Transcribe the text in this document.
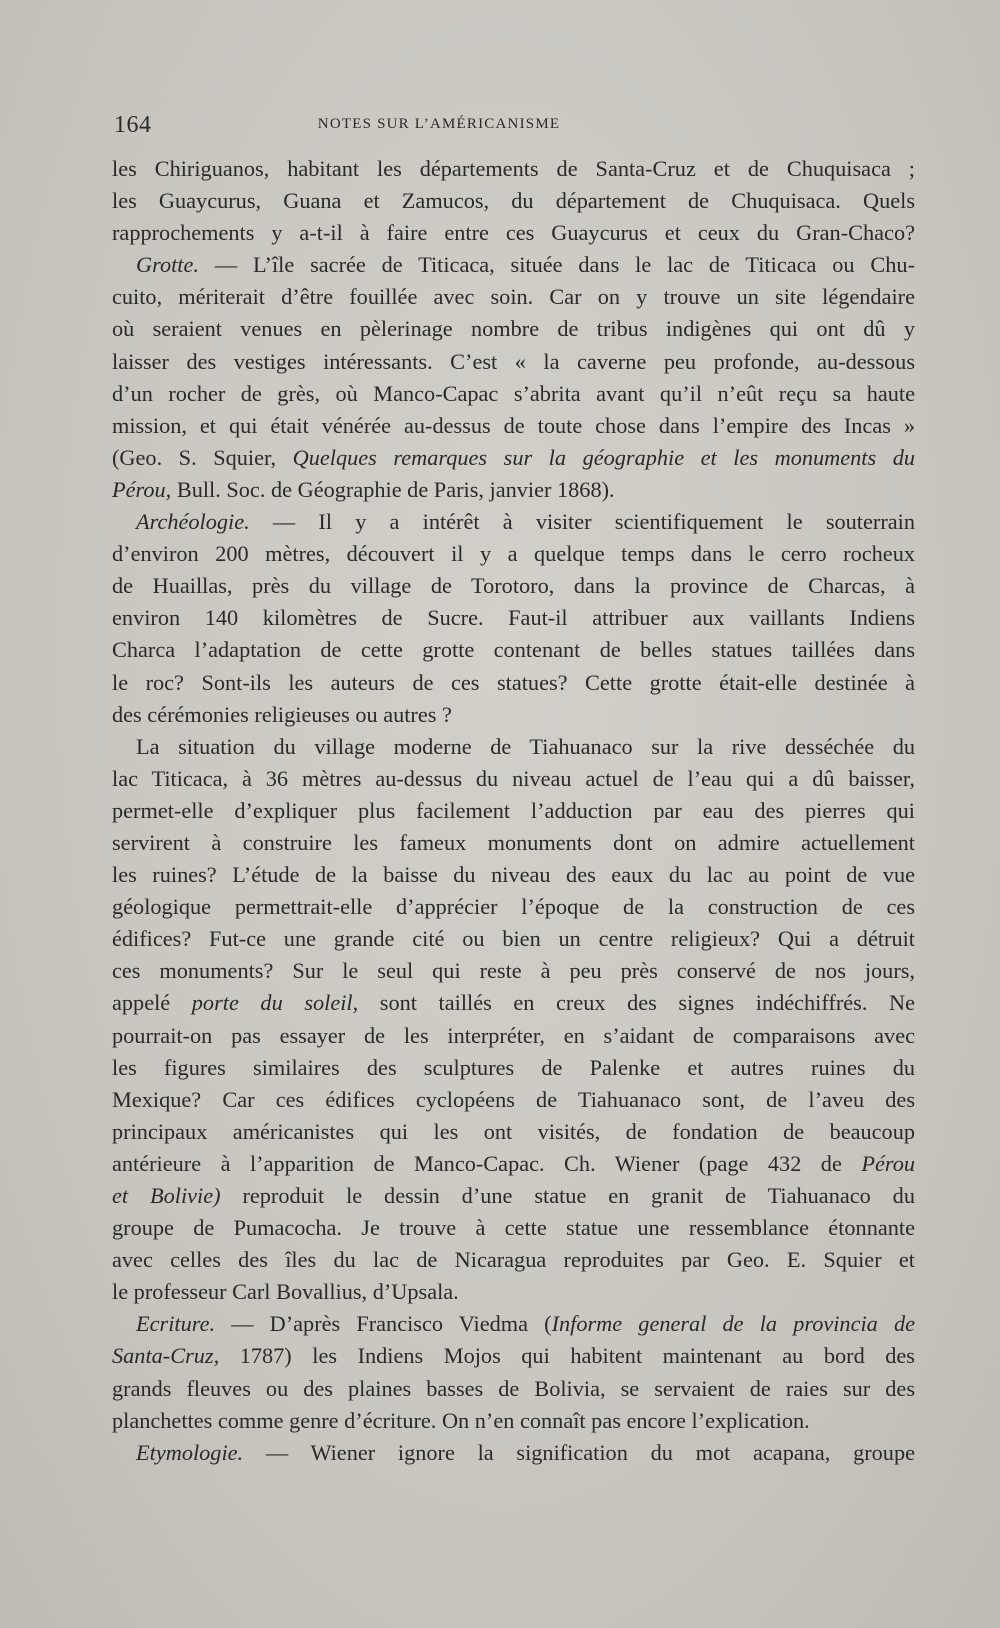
164	NOTES SUR L’AMÉRICANISME
les Chiriguanos, habitant les départements de Santa-Cruz et de Chuquisaca ;
les Guaycurus, Guana et Zamucos, du département de Chuquisaca. Quels
rapprochements y a-t-il à faire entre ces Guaycurus et ceux du Gran-Chaco?
Grotte. — L’île sacrée de Titicaca, située dans le lac de Titicaca ou Chu-
cuito, mériterait d’être fouillée avec soin. Car on y trouve un site légendaire
où seraient venues en pèlerinage nombre de tribus indigènes qui ont dû y
laisser des vestiges intéressants. C’est « la caverne peu profonde, au-dessous
d’un rocher de grès, où Manco-Capac s’abrita avant qu’il n’eût reçu sa haute
mission, et qui était vénérée au-dessus de toute chose dans l’empire des Incas »
(Geo. S. Squier, Quelques remarques sur la géographie et les monuments du
Pérou, Bull. Soc. de Géographie de Paris, janvier 1868).
Archéologie. — Il y a intérêt à visiter scientifiquement le souterrain
d’environ 200 mètres, découvert il y a quelque temps dans le cerro rocheux
de Huaillas, près du village de Torotoro, dans la province de Charcas, à
environ 140 kilomètres de Sucre. Faut-il attribuer aux vaillants Indiens
Charca l’adaptation de cette grotte contenant de belles statues taillées dans
le roc? Sont-ils les auteurs de ces statues? Cette grotte était-elle destinée à
des cérémonies religieuses ou autres ?
La situation du village moderne de Tiahuanaco sur la rive desséchée du
lac Titicaca, à 36 mètres au-dessus du niveau actuel de l’eau qui a dû baisser,
permet-elle d’expliquer plus facilement l’adduction par eau des pierres qui
servirent à construire les fameux monuments dont on admire actuellement
les ruines? L’étude de la baisse du niveau des eaux du lac au point de vue
géologique permettrait-elle d’apprécier l’époque de la construction de ces
édifices? Fut-ce une grande cité ou bien un centre religieux? Qui a détruit
ces monuments? Sur le seul qui reste à peu près conservé de nos jours,
appelé porte du soleil, sont taillés en creux des signes indéchiffrés. Ne
pourrait-on pas essayer de les interpréter, en s’aidant de comparaisons avec
les figures similaires des sculptures de Palenke et autres ruines du
Mexique? Car ces édifices cyclopéens de Tiahuanaco sont, de l’aveu des
principaux américanistes qui les ont visités, de fondation de beaucoup
antérieure à l’apparition de Manco-Capac. Ch. Wiener (page 432 de Pérou
et Bolivie) reproduit le dessin d’une statue en granit de Tiahuanaco du
groupe de Pumacocha. Je trouve à cette statue une ressemblance étonnante
avec celles des îles du lac de Nicaragua reproduites par Geo. E. Squier et
le professeur Carl Bovallius, d’Upsala.
Ecriture. — D’après Francisco Viedma (Informe general de la provincia de
Santa-Cruz, 1787) les Indiens Mojos qui habitent maintenant au bord des
grands fleuves ou des plaines basses de Bolivia, se servaient de raies sur des
planchettes comme genre d’écriture. On n’en connaît pas encore l’explication.
Etymologie. — Wiener ignore la signification du mot acapana, groupe
